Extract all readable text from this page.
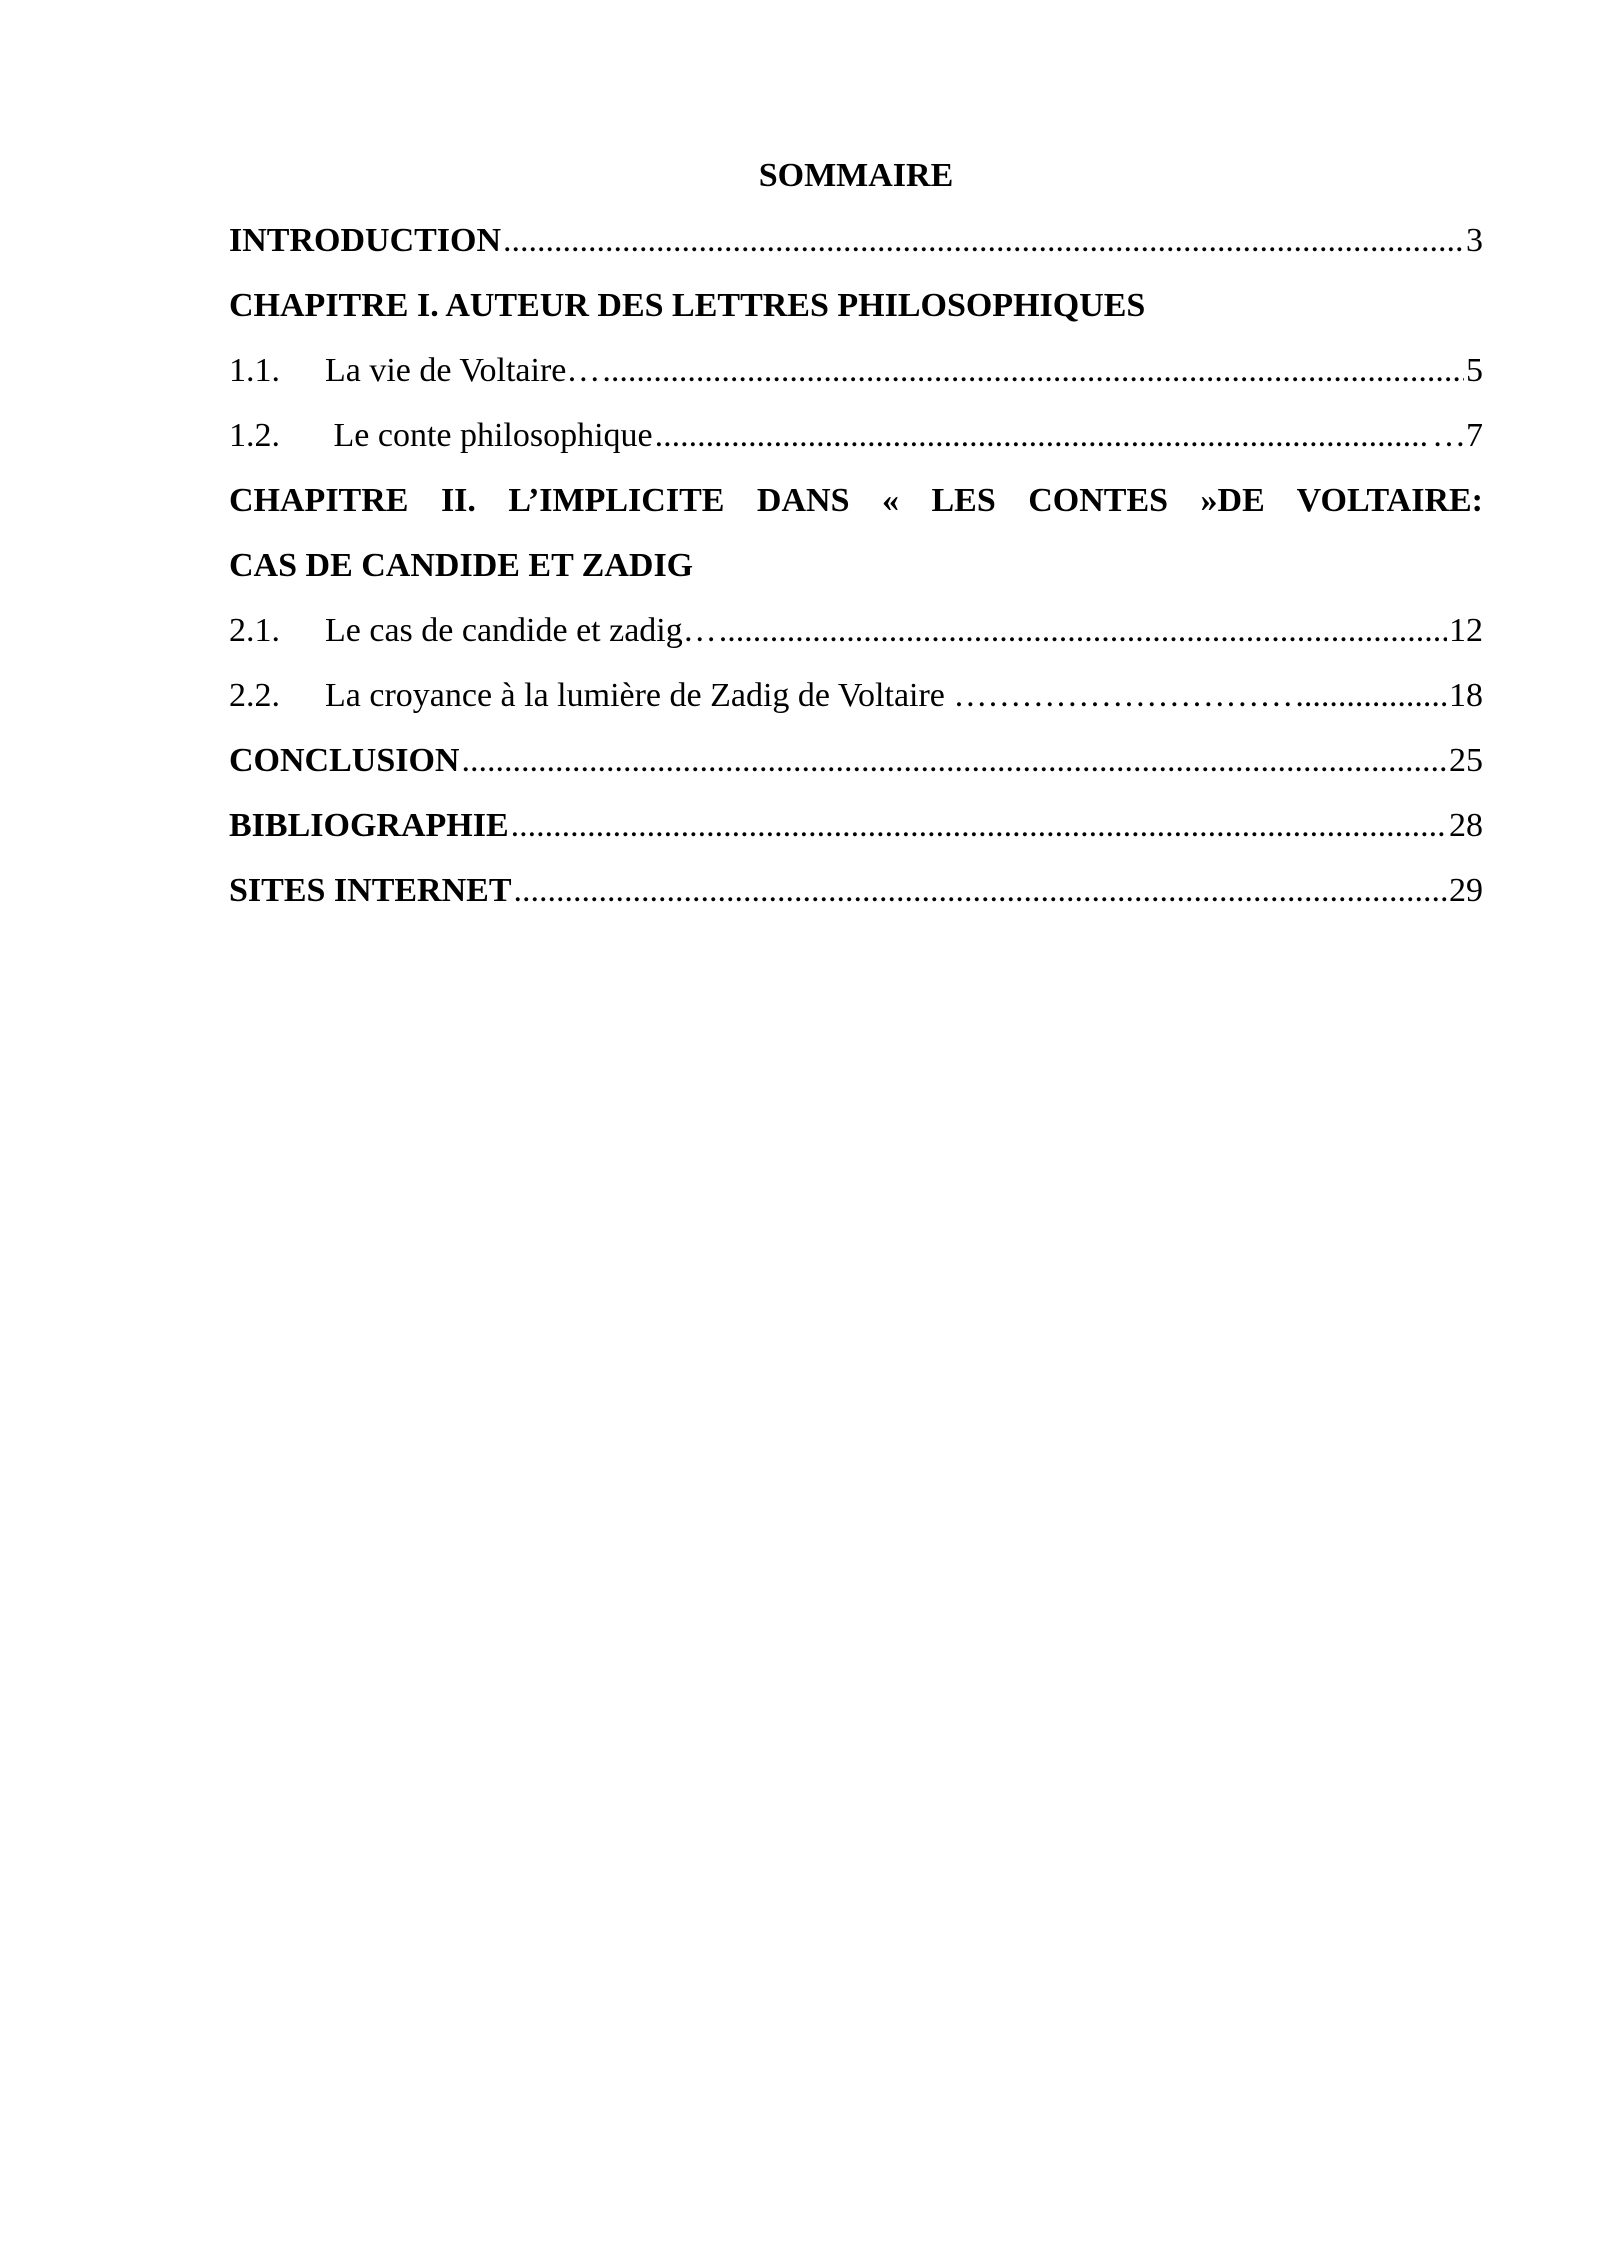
SOMMAIRE
INTRODUCTION .....	3
CHAPITRE I. AUTEUR DES LETTRES PHILOSOPHIQUES
1.1.	La vie de Voltaire… .....	5
1.2.	Le conte philosophique .....	…7
CHAPITRE II. L’IMPLICITE DANS « LES CONTES »DE VOLTAIRE:
CAS DE CANDIDE ET ZADIG
2.1.	Le cas de candide et zadig… .....	12
2.2.	La croyance à la lumière de Zadig de Voltaire ………………………… .....	18
CONCLUSION .....	25
BIBLIOGRAPHIE .....	28
SITES INTERNET .....	29
